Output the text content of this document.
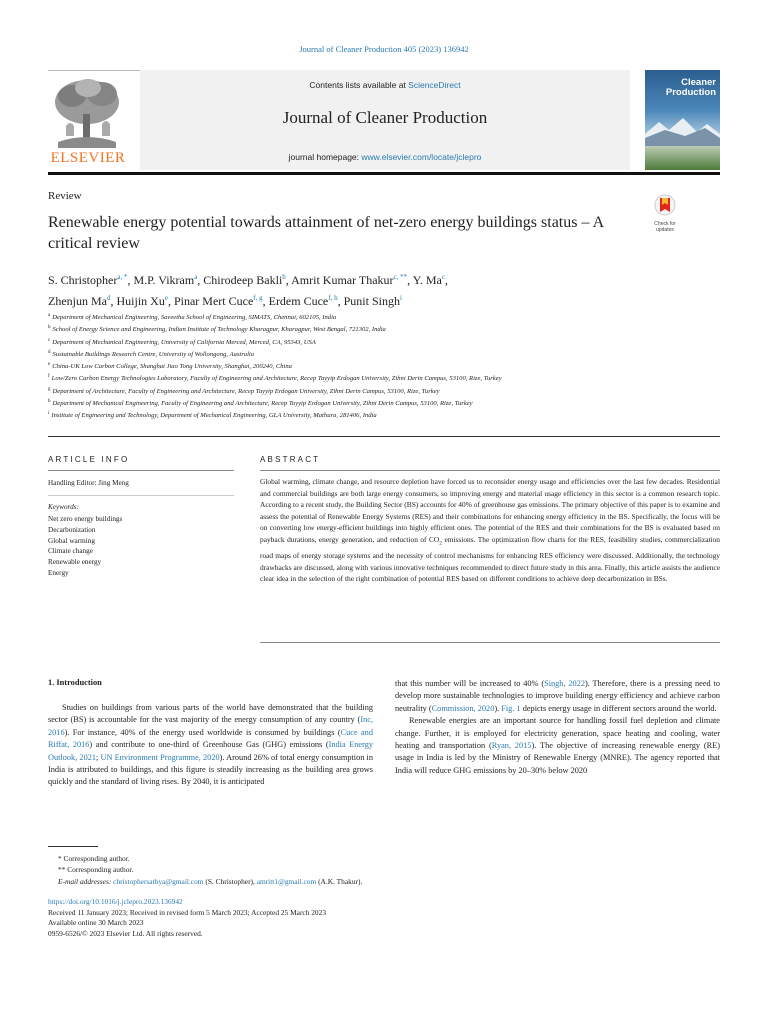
Journal of Cleaner Production 405 (2023) 136942
ELSEVIER
Contents lists available at ScienceDirect
Journal of Cleaner Production
journal homepage: www.elsevier.com/locate/jclepro
Cleaner
Production
Review
Renewable energy potential towards attainment of net-zero energy buildings status – A critical review
Check for
updates
S. Christopher$^{a, *}$, M.P. Vikram$^a$, Chirodeep Bakli$^b$, Amrit Kumar Thakur$^{c, **}$, Y. Ma$^c$,
Zhenjun Ma$^d$, Huijin Xu$^e$, Pinar Mert Cuce$^{f, g}$, Erdem Cuce$^{f, h}$, Punit Singh$^i$
$^a$ Department of Mechanical Engineering, Saveetha School of Engineering, SIMATS, Chennai, 602105, India
$^b$ School of Energy Science and Engineering, Indian Institute of Technology Kharagpur, Kharagpur, West Bengal, 721302, India
$^c$ Department of Mechanical Engineering, University of California Merced, Merced, CA, 95343, USA
$^d$ Sustainable Buildings Research Centre, University of Wollongong, Australia
$^e$ China-UK Low Carbon College, Shanghai Jiao Tong University, Shanghai, 200240, China
$^f$ Low/Zero Carbon Energy Technologies Laboratory, Faculty of Engineering and Architecture, Recep Tayyip Erdogan University, Zihni Derin Campus, 53100, Rize, Turkey
$^g$ Department of Architecture, Faculty of Engineering and Architecture, Recep Tayyip Erdogan University, Zihni Derin Campus, 53100, Rize, Turkey
$^h$ Department of Mechanical Engineering, Faculty of Engineering and Architecture, Recep Tayyip Erdogan University, Zihni Derin Campus, 53100, Rize, Turkey
$^i$ Institute of Engineering and Technology, Department of Mechanical Engineering, GLA University, Mathura, 281406, India
ARTICLE INFO
Handling Editor: Jing Meng
Keywords:
Net zero energy buildings
Decarbonization
Global warming
Climate change
Renewable energy
Energy
ABSTRACT
Global warming, climate change, and resource depletion have forced us to reconsider energy usage and efficiencies over the last few decades. Residential and commercial buildings are both large energy consumers, so improving energy and material usage efficiency in this sector is a common research topic. According to a recent study, the Building Sector (BS) accounts for 40% of greenhouse gas emissions. The primary objective of this paper is to examine and assess the potential of Renewable Energy Systems (RES) and their combinations for enhancing energy efficiency in the BS. Specifically, the focus will be on converting low energy-efficient buildings into highly efficient ones. The potential of the RES and their combinations for the BS is evaluated based on payback durations, energy generation, and reduction of $CO_2$ emissions. The optimization flow charts for the RES, feasibility studies, commercialization road maps of energy storage systems and the necessity of control mechanisms for enhancing RES efficiency were discussed. Additionally, the technology drawbacks are discussed, along with various innovative techniques recommended to direct future study in this area. Finally, this article assists the audience clear idea in the selection of the right combination of potential RES based on different conditions to achieve deep decarbonization in BSs.
1. Introduction

Studies on buildings from various parts of the world have demonstrated that the building sector (BS) is accountable for the vast majority of the energy consumption of any country (Inc, 2016). For instance, 40% of the energy used worldwide is consumed by buildings (Cuce and Riffat, 2016) and contribute to one-third of Greenhouse Gas (GHG) emissions (India Energy Outlook, 2021; UN Environment Programme, 2020). Around 26% of total energy consumption in India is attributed to buildings, and this figure is steadily increasing as the building area grows quickly and the standard of living rises. By 2040, it is anticipated

that this number will be increased to 40% (Singh, 2022). Therefore, there is a pressing need to develop more sustainable technologies to improve building energy efficiency and achieve carbon neutrality (Commission, 2020). Fig. 1 depicts energy usage in different sectors around the world.

Renewable energies are an important source for handling fossil fuel depletion and climate change. Further, it is employed for electricity generation, space heating and cooling, water heating and transportation (Ryan, 2015). The objective of increasing renewable energy (RE) usage in India is led by the Ministry of Renewable Energy (MNRE). The agency reported that India will reduce GHG emissions by 20–30% below 2020

* Corresponding author.
** Corresponding author.
E-mail addresses: christophersathya@gmail.com (S. Christopher), amritt1@gmail.com (A.K. Thakur).
https://doi.org/10.1016/j.jclepro.2023.136942
Received 11 January 2023; Received in revised form 5 March 2023; Accepted 25 March 2023
Available online 30 March 2023
0959-6526/© 2023 Elsevier Ltd. All rights reserved.
